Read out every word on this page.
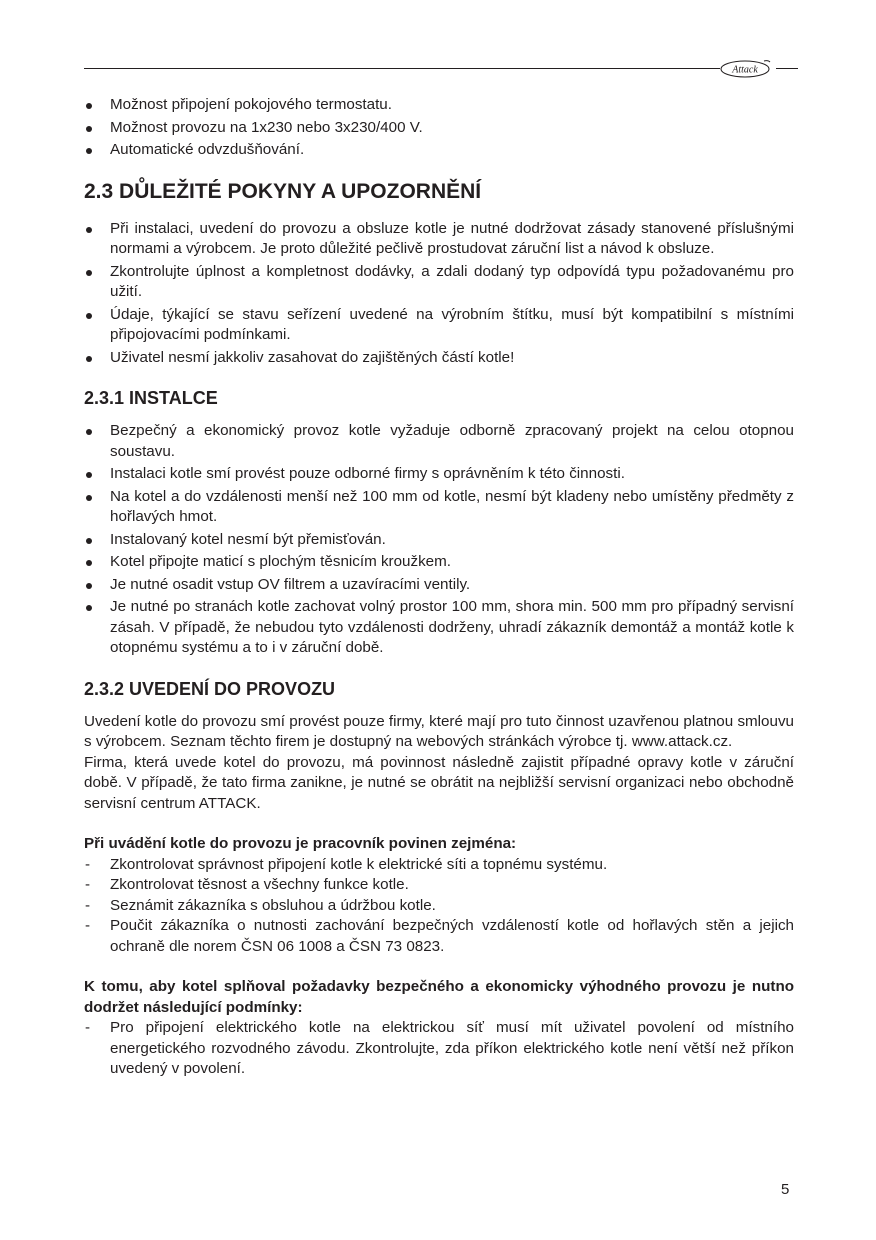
Attack
Možnost připojení pokojového termostatu.
Možnost provozu na 1x230 nebo 3x230/400 V.
Automatické odvzdušňování.
2.3 DŮLEŽITÉ POKYNY A UPOZORNĚNÍ
Při instalaci, uvedení do provozu a obsluze kotle je nutné dodržovat zásady stanovené příslušnými normami a výrobcem. Je proto důležité pečlivě prostudovat záruční list a návod k obsluze.
Zkontrolujte úplnost a kompletnost dodávky, a zdali dodaný typ odpovídá typu požadovanému pro užití.
Údaje, týkající se stavu seřízení uvedené na výrobním štítku, musí být kompatibilní s místními připojovacími podmínkami.
Uživatel nesmí jakkoliv zasahovat do zajištěných částí kotle!
2.3.1 INSTALCE
Bezpečný a ekonomický provoz kotle vyžaduje odborně zpracovaný projekt na celou otopnou soustavu.
Instalaci kotle smí provést pouze odborné firmy s oprávněním k této činnosti.
Na kotel a do vzdálenosti menší než 100 mm od kotle, nesmí být kladeny nebo umístěny předměty z hořlavých hmot.
Instalovaný kotel nesmí být přemisťován.
Kotel připojte maticí s plochým těsnicím kroužkem.
Je nutné osadit vstup OV filtrem a uzavíracími ventily.
Je nutné po stranách kotle zachovat volný prostor 100 mm, shora min. 500 mm pro případný servisní zásah. V případě, že nebudou tyto vzdálenosti dodrženy, uhradí zákazník demontáž a montáž kotle k otopnému systému a to i v záruční době.
2.3.2 UVEDENÍ DO PROVOZU

Uvedení kotle do provozu smí provést pouze firmy, které mají pro tuto činnost uzavřenou platnou smlouvu s výrobcem. Seznam těchto firem je dostupný na webových stránkách výrobce tj. www.attack.cz.

Firma, která uvede kotel do provozu, má povinnost následně zajistit případné opravy kotle v záruční době. V případě, že tato firma zanikne, je nutné se obrátit na nejbližší servisní organizaci nebo obchodně servisní centrum ATTACK.

Při uvádění kotle do provozu je pracovník povinen zejména:

- Zkontrolovat správnost připojení kotle k elektrické síti a topnému systému.
- Zkontrolovat těsnost a všechny funkce kotle.
- Seznámit zákazníka s obsluhou a údržbou kotle.
- Poučit zákazníka o nutnosti zachování bezpečných vzdáleností kotle od hořlavých stěn a jejich ochraně dle norem ČSN 06 1008 a ČSN 73 0823.

K tomu, aby kotel splňoval požadavky bezpečného a ekonomicky výhodného provozu je nutno dodržet následující podmínky:

- Pro připojení elektrického kotle na elektrickou síť musí mít uživatel povolení od místního energetického rozvodného závodu. Zkontrolujte, zda příkon elektrického kotle není větší než příkon uvedený v povolení.
5
